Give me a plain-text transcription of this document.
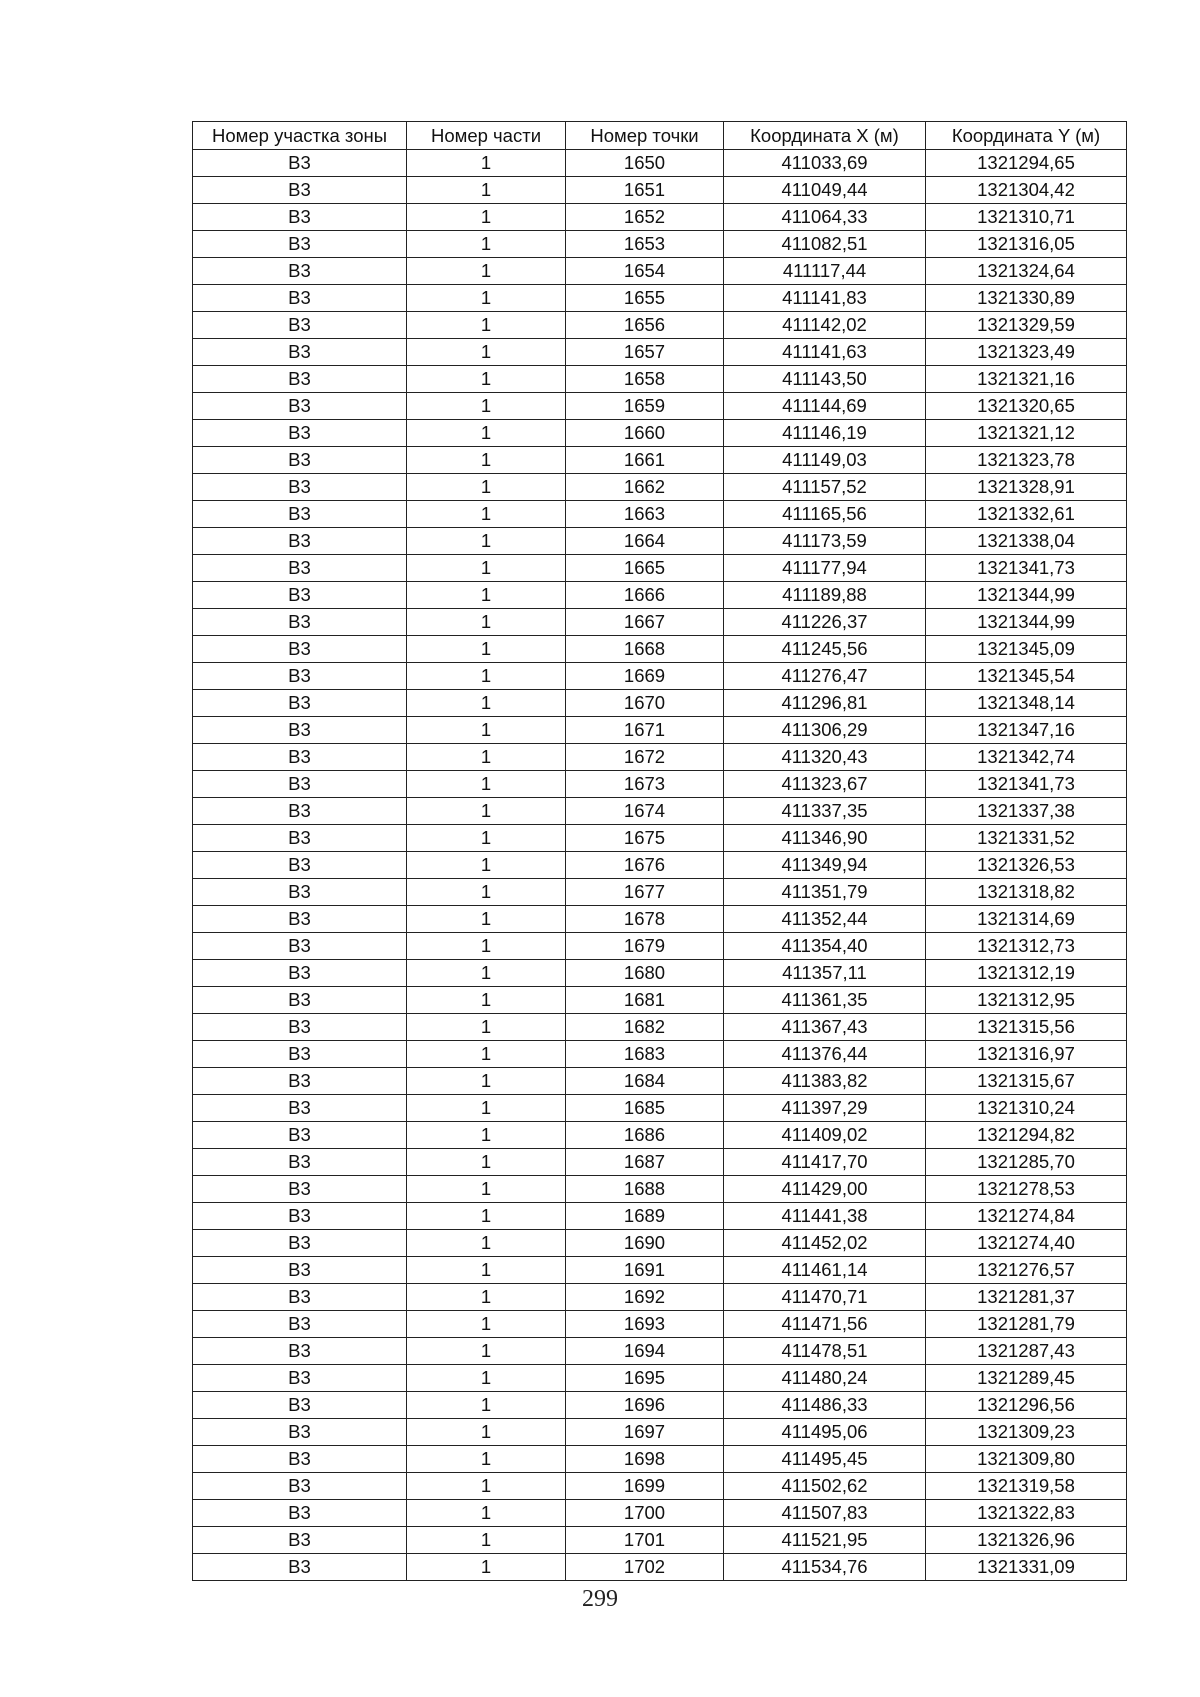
Номер участка зоны	Номер части	Номер точки	Координата X (м)	Координата Y (м)
В3	1	1650	411033,69	1321294,65
В3	1	1651	411049,44	1321304,42
В3	1	1652	411064,33	1321310,71
В3	1	1653	411082,51	1321316,05
В3	1	1654	411117,44	1321324,64
В3	1	1655	411141,83	1321330,89
В3	1	1656	411142,02	1321329,59
В3	1	1657	411141,63	1321323,49
В3	1	1658	411143,50	1321321,16
В3	1	1659	411144,69	1321320,65
В3	1	1660	411146,19	1321321,12
В3	1	1661	411149,03	1321323,78
В3	1	1662	411157,52	1321328,91
В3	1	1663	411165,56	1321332,61
В3	1	1664	411173,59	1321338,04
В3	1	1665	411177,94	1321341,73
В3	1	1666	411189,88	1321344,99
В3	1	1667	411226,37	1321344,99
В3	1	1668	411245,56	1321345,09
В3	1	1669	411276,47	1321345,54
В3	1	1670	411296,81	1321348,14
В3	1	1671	411306,29	1321347,16
В3	1	1672	411320,43	1321342,74
В3	1	1673	411323,67	1321341,73
В3	1	1674	411337,35	1321337,38
В3	1	1675	411346,90	1321331,52
В3	1	1676	411349,94	1321326,53
В3	1	1677	411351,79	1321318,82
В3	1	1678	411352,44	1321314,69
В3	1	1679	411354,40	1321312,73
В3	1	1680	411357,11	1321312,19
В3	1	1681	411361,35	1321312,95
В3	1	1682	411367,43	1321315,56
В3	1	1683	411376,44	1321316,97
В3	1	1684	411383,82	1321315,67
В3	1	1685	411397,29	1321310,24
В3	1	1686	411409,02	1321294,82
В3	1	1687	411417,70	1321285,70
В3	1	1688	411429,00	1321278,53
В3	1	1689	411441,38	1321274,84
В3	1	1690	411452,02	1321274,40
В3	1	1691	411461,14	1321276,57
В3	1	1692	411470,71	1321281,37
В3	1	1693	411471,56	1321281,79
В3	1	1694	411478,51	1321287,43
В3	1	1695	411480,24	1321289,45
В3	1	1696	411486,33	1321296,56
В3	1	1697	411495,06	1321309,23
В3	1	1698	411495,45	1321309,80
В3	1	1699	411502,62	1321319,58
В3	1	1700	411507,83	1321322,83
В3	1	1701	411521,95	1321326,96
В3	1	1702	411534,76	1321331,09
299
